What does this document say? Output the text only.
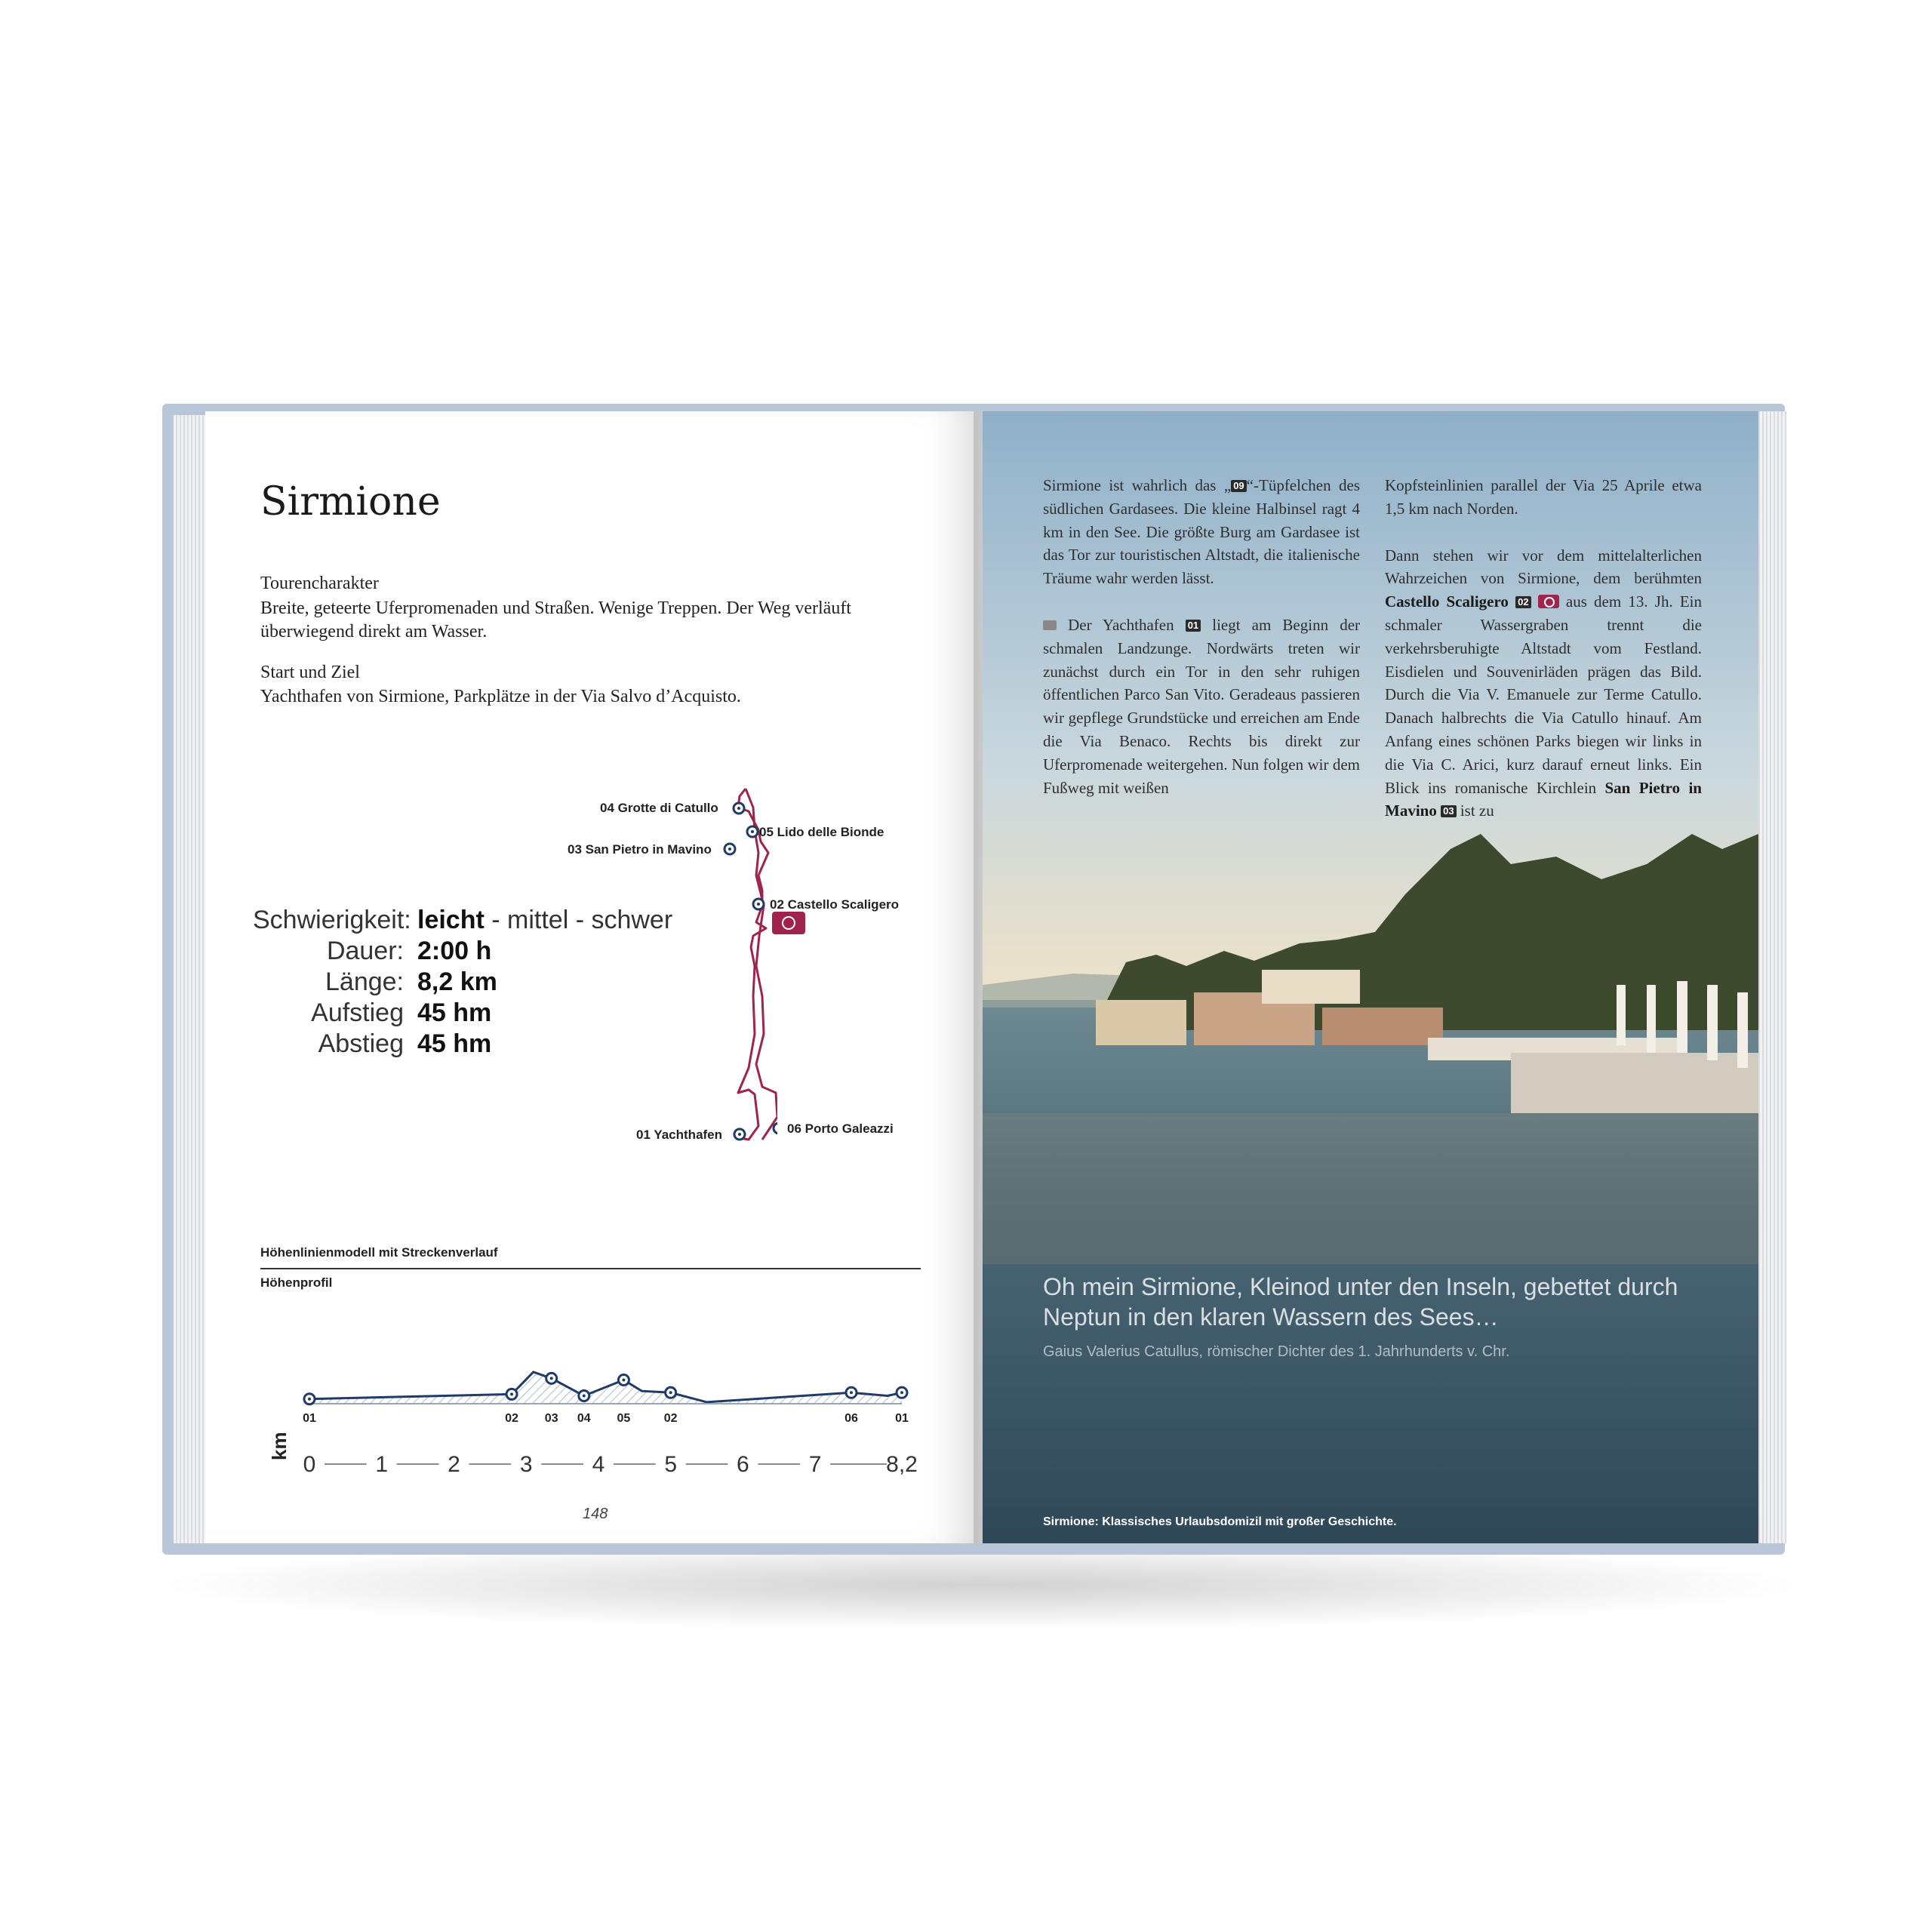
Sirmione
Tourencharakter
Breite, geteerte Uferpromenaden und Straßen. Wenige Treppen. Der Weg verläuft überwiegend direkt am Wasser.
Start und Ziel
Yachthafen von Sirmione, Parkplätze in der Via Salvo d’Acquisto.
Schwierigkeit: leicht - mittel - schwer
Dauer: 2:00 h
Länge: 8,2 km
Aufstieg 45 hm
Abstieg 45 hm
04 Grotte di Catullo
05 Lido delle Bionde
03 San Pietro in Mavino
02 Castello Scaligero
01 Yachthafen	06 Porto Galeazzi
Höhenlinienmodell mit Streckenverlauf
Höhenprofil
01	02 03 04 05	02	06	01
0	1	2	3	4	5	6	7	8,2
km
148
Sirmione ist wahrlich das „ 09 “-Tüpfelchen des südlichen Gardasees. Die kleine Halbinsel ragt 4 km in den See. Die größte Burg am Gardasee ist das Tor zur touristischen Altstadt, die italienische Träume wahr werden lässt.
Der Yachthafen 01 liegt am Beginn der schmalen Landzunge. Nordwärts treten wir zunächst durch ein Tor in den sehr ruhigen öffentlichen Parco San Vito. Geradeaus passieren wir gepflege Grundstücke und erreichen am Ende die Via Benaco. Rechts bis direkt zur Uferpromenade weitergehen. Nun folgen wir dem Fußweg mit weißen
Kopfsteinlinien parallel der Via 25 Aprile etwa 1,5 km nach Norden.
Dann stehen wir vor dem mittelalterlichen Wahrzeichen von Sirmione, dem berühmten Castello Scaligero 02  aus dem 13. Jh. Ein schmaler Wassergraben trennt die verkehrsberuhigte Altstadt vom Festland. Eisdielen und Souvenirläden prägen das Bild. Durch die Via V. Emanuele zur Terme Catullo. Danach halbrechts die Via Catullo hinauf. Am Anfang eines schönen Parks biegen wir links in die Via C. Arici, kurz darauf erneut links. Ein Blick ins romanische Kirchlein San Pietro in Mavino 03 ist zu
Oh mein Sirmione, Kleinod unter den Inseln, gebettet durch Neptun in den klaren Wassern des Sees…
Gaius Valerius Catullus, römischer Dichter des 1. Jahrhunderts v. Chr.
Sirmione: Klassisches Urlaubsdomizil mit großer Geschichte.
